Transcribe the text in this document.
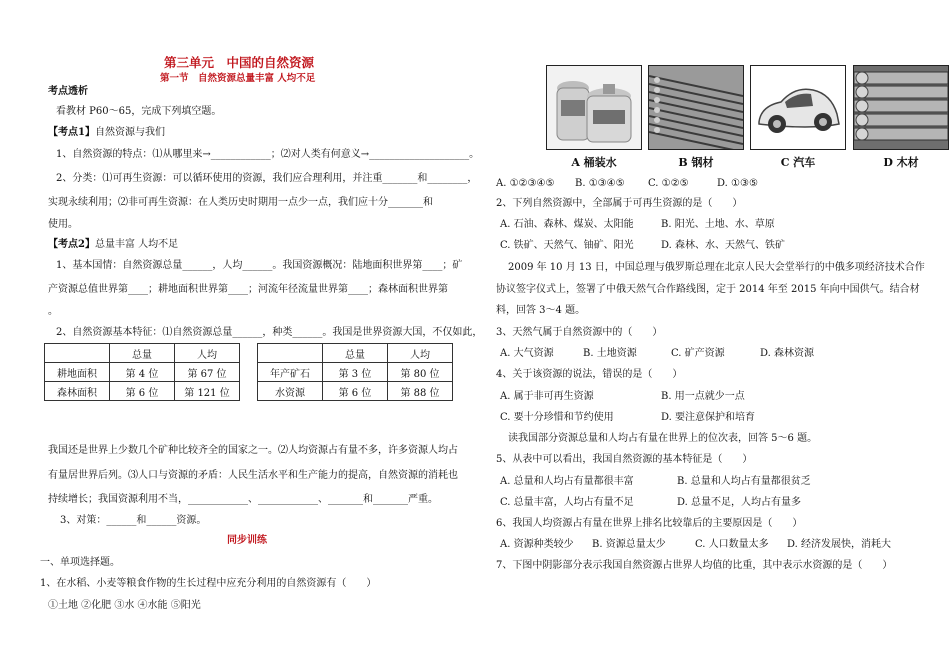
第三单元　中国的自然资源
第一节　自然资源总量丰富 人均不足
考点透析
看教材 P60～65，完成下列填空题。
【考点1】自然资源与我们
1、自然资源的特点：⑴从哪里来→____________；⑵对人类有何意义→____________________。
2、分类：⑴可再生资源：可以循环使用的资源，我们应合理利用，并注重_______和________，
实现永续利用；⑵非可再生资源：在人类历史时期用一点少一点，我们应十分_______和
使用。
【考点2】总量丰富 人均不足
1、基本国情：自然资源总量______，人均______。我国资源概况：陆地面积世界第____；矿
产资源总值世界第____；耕地面积世界第____；河流年径流量世界第____；森林面积世界第
。
2、自然资源基本特征：⑴自然资源总量______，种类______。我国是世界资源大国，不仅如此，
	总量	人均
耕地面积	第 4 位	第 67 位
森林面积	第 6 位	第 121 位
	总量	人均
年产矿石	第 3 位	第 80 位
水资源	第 6 位	第 88 位
我国还是世界上少数几个矿种比较齐全的国家之一。⑵人均资源占有量不多，许多资源人均占
有量居世界后列。⑶人口与资源的矛盾：人民生活水平和生产能力的提高，自然资源的消耗也
持续增长；我国资源利用不当，____________、____________、_______和_______严重。
3、对策：______和______资源。
同步训练
一、单项选择题。
1、在水稻、小麦等粮食作物的生长过程中应充分利用的自然资源有（　　）
①土地 ②化肥 ③水 ④水能 ⑤阳光
A 桶装水	B 钢材	C 汽车	D 木材
A. ①②③④⑤ B. ①③④⑤ C. ①②⑤	D. ①③⑤
2、下列自然资源中，全部属于可再生资源的是（　　）
A. 石油、森林、煤炭、太阳能	B. 阳光、土地、水、草原
C. 铁矿、天然气、铀矿、阳光	D. 森林、水、天然气、铁矿
2009 年 10 月 13 日，中国总理与俄罗斯总理在北京人民大会堂举行的中俄多项经济技术合作
协议签字仪式上，签署了中俄天然气合作路线图，定于 2014 年至 2015 年向中国供气。结合材
料，回答 3～4 题。
3、天然气属于自然资源中的（　　）
A. 大气资源	B. 土地资源	C. 矿产资源	D. 森林资源
4、关于该资源的说法，错误的是（　　）
A. 属于非可再生资源	B. 用一点就少一点
C. 要十分珍惜和节约使用	D. 要注意保护和培育
读我国部分资源总量和人均占有量在世界上的位次表，回答 5～6 题。
5、从表中可以看出，我国自然资源的基本特征是（　　）
A. 总量和人均占有量都很丰富	B. 总量和人均占有量都很贫乏
C. 总量丰富，人均占有量不足	D. 总量不足，人均占有量多
6、我国人均资源占有量在世界上排名比较靠后的主要原因是（　　）
A. 资源种类较少 B. 资源总量太少	C. 人口数量太多 D. 经济发展快，消耗大
7、下图中阴影部分表示我国自然资源占世界人均值的比重，其中表示水资源的是（　　）
